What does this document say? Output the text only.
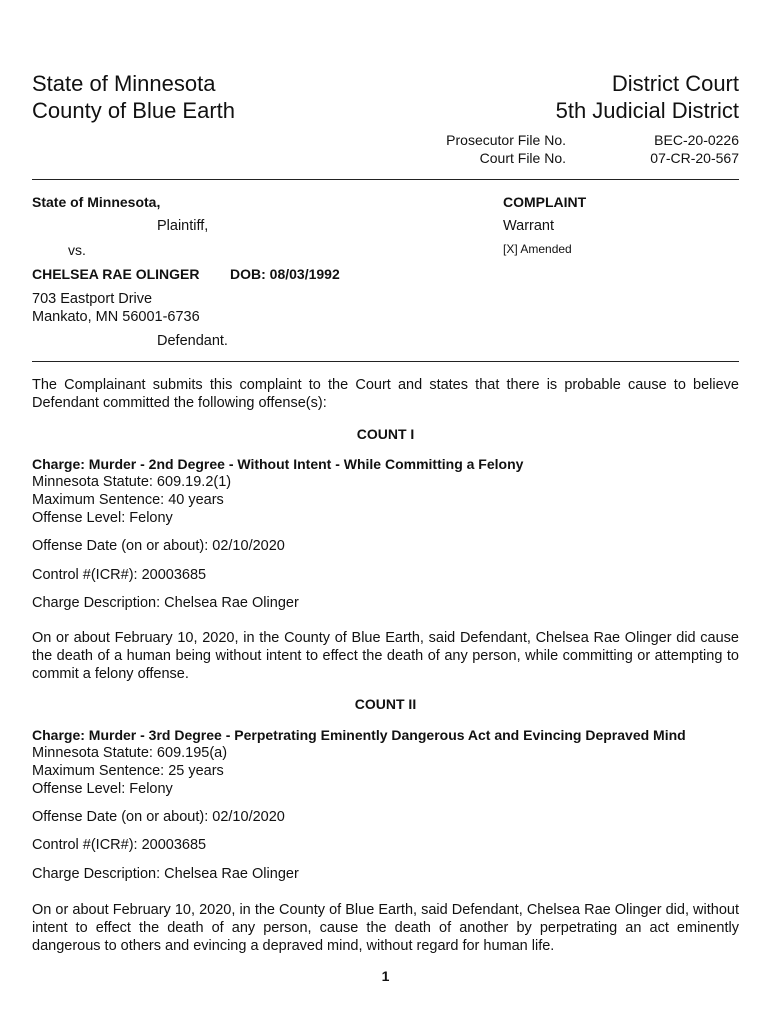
State of Minnesota
County of Blue Earth
District Court
5th Judicial District
Prosecutor File No.	BEC-20-0226
Court File No.	07-CR-20-567
State of Minnesota,
Plaintiff,
vs.
CHELSEA RAE OLINGER DOB: 08/03/1992
703 Eastport Drive
Mankato, MN 56001-6736
Defendant.
COMPLAINT
Warrant
[X] Amended
The Complainant submits this complaint to the Court and states that there is probable cause to believe Defendant committed the following offense(s):
COUNT I
Charge: Murder - 2nd Degree - Without Intent - While Committing a Felony
Minnesota Statute: 609.19.2(1)
Maximum Sentence: 40 years
Offense Level: Felony
Offense Date (on or about): 02/10/2020
Control #(ICR#): 20003685
Charge Description: Chelsea Rae Olinger
On or about February 10, 2020, in the County of Blue Earth, said Defendant, Chelsea Rae Olinger did cause the death of a human being without intent to effect the death of any person, while committing or attempting to commit a felony offense.
COUNT II
Charge: Murder - 3rd Degree - Perpetrating Eminently Dangerous Act and Evincing Depraved Mind
Minnesota Statute: 609.195(a)
Maximum Sentence: 25 years
Offense Level: Felony
Offense Date (on or about): 02/10/2020
Control #(ICR#): 20003685
Charge Description: Chelsea Rae Olinger
On or about February 10, 2020, in the County of Blue Earth, said Defendant, Chelsea Rae Olinger did, without intent to effect the death of any person, cause the death of another by perpetrating an act eminently dangerous to others and evincing a depraved mind, without regard for human life.
1
